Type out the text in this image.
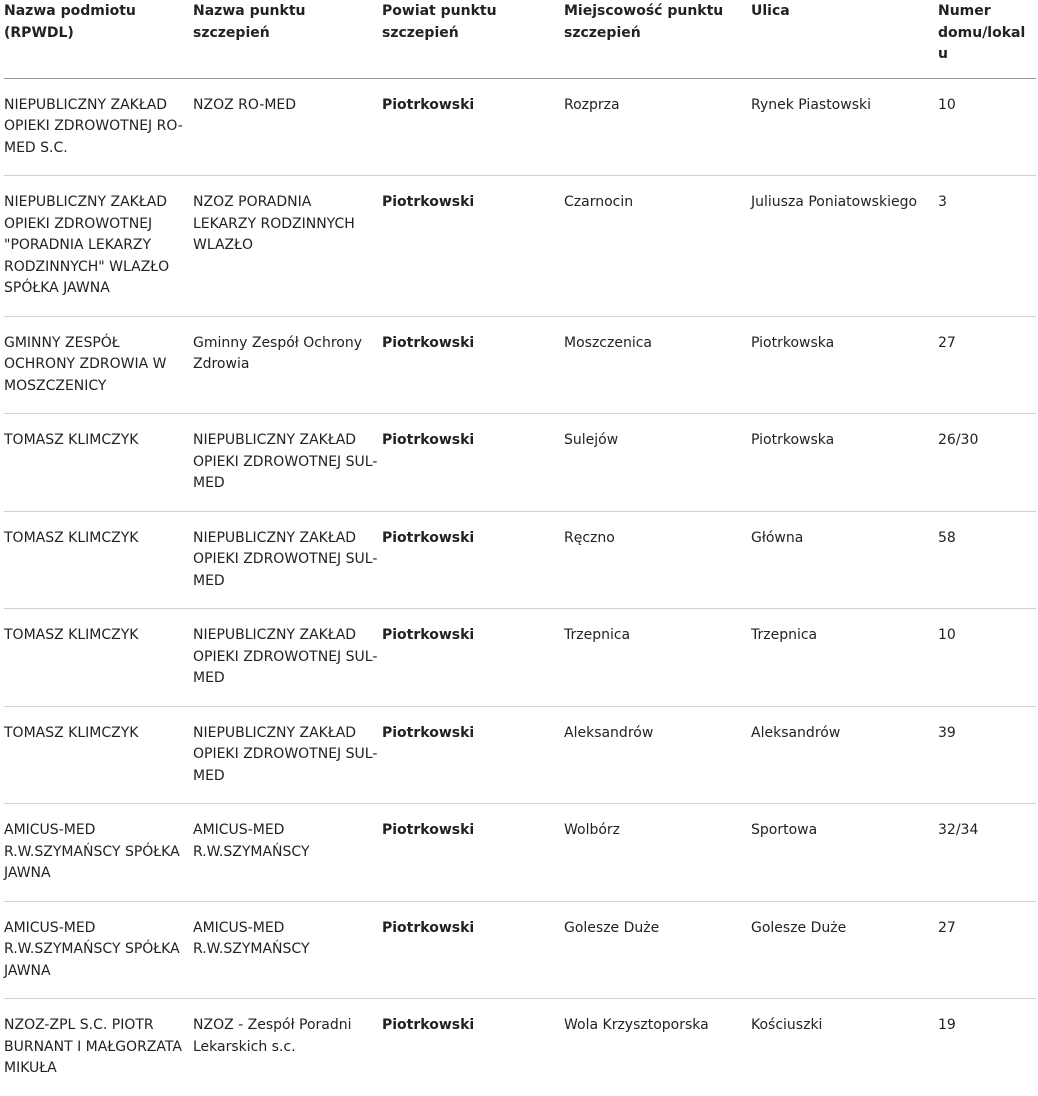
Nazwa podmiotu (RPWDL)	Nazwa punktu szczepień	Powiat punktu szczepień	Miejscowość punktu szczepień	Ulica	Numer domu/lokalu
NIEPUBLICZNY ZAKŁAD OPIEKI ZDROWOTNEJ RO-MED S.C.	NZOZ RO-MED	Piotrkowski	Rozprza	Rynek Piastowski	10
NIEPUBLICZNY ZAKŁAD OPIEKI ZDROWOTNEJ "PORADNIA LEKARZY RODZINNYCH" WLAZŁO SPÓŁKA JAWNA	NZOZ PORADNIA LEKARZY RODZINNYCH WLAZŁO	Piotrkowski	Czarnocin	Juliusza Poniatowskiego	3
GMINNY ZESPÓŁ OCHRONY ZDROWIA W MOSZCZENICY	Gminny Zespół Ochrony Zdrowia	Piotrkowski	Moszczenica	Piotrkowska	27
TOMASZ KLIMCZYK	NIEPUBLICZNY ZAKŁAD OPIEKI ZDROWOTNEJ SUL-MED	Piotrkowski	Sulejów	Piotrkowska	26/30
TOMASZ KLIMCZYK	NIEPUBLICZNY ZAKŁAD OPIEKI ZDROWOTNEJ SUL-MED	Piotrkowski	Ręczno	Główna	58
TOMASZ KLIMCZYK	NIEPUBLICZNY ZAKŁAD OPIEKI ZDROWOTNEJ SUL-MED	Piotrkowski	Trzepnica	Trzepnica	10
TOMASZ KLIMCZYK	NIEPUBLICZNY ZAKŁAD OPIEKI ZDROWOTNEJ SUL-MED	Piotrkowski	Aleksandrów	Aleksandrów	39
AMICUS-MED R.W.SZYMAŃSCY SPÓŁKA JAWNA	AMICUS-MED R.W.SZYMAŃSCY	Piotrkowski	Wolbórz	Sportowa	32/34
AMICUS-MED R.W.SZYMAŃSCY SPÓŁKA JAWNA	AMICUS-MED R.W.SZYMAŃSCY	Piotrkowski	Golesze Duże	Golesze Duże	27
NZOZ-ZPL S.C. PIOTR BURNANT I MAŁGORZATA MIKUŁA	NZOZ - Zespół Poradni Lekarskich s.c.	Piotrkowski	Wola Krzysztoporska	Kościuszki	19
